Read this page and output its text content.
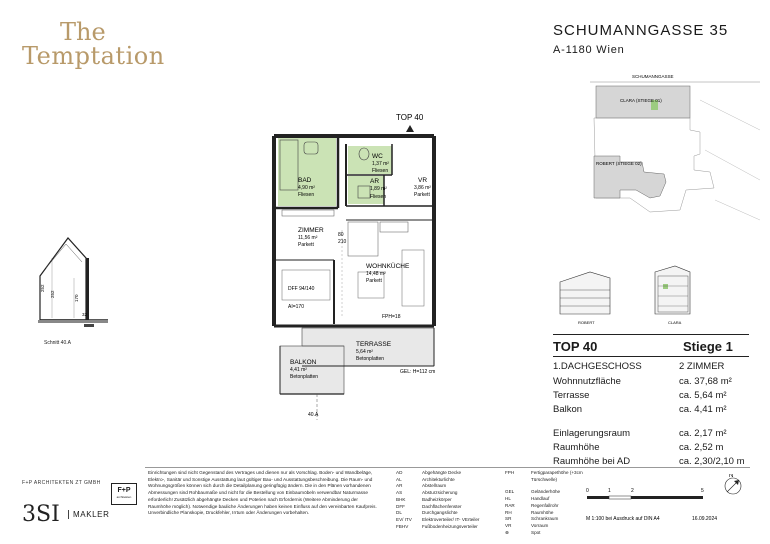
The
Temptation
SCHUMANNGASSE 35
A-1180 Wien
SCHUMANNGASSE
CLARA (STIEGE 01)
ROBERT (STIEGE 02)
ROBERT	CLARA
252
252
170
32
Schnitt 40.A
TOP 40
BAD
4,90 m²
Fliesen
WC
1,37 m²
Fliesen
AR
1,89 m²
Fliesen
VR
3,86 m²
Parkett
ZIMMER
11,56 m²
Parkett
80
210
WOHNKÜCHE
14,48 m²
Parkett
DFF 94/140
AI=170
FPH=18
TERRASSE
5,64 m²
Betonplatten
BALKON
4,41 m²
Betonplatten
GEL: H=112 cm
40.A
TOP 40	Stiege 1
1.DACHGESCHOSS	2 ZIMMER
Wohnnutzfläche	ca. 37,68 m²
Terrasse	ca. 5,64 m²
Balkon	ca. 4,41 m²
Einlagerungsraum	ca. 2,17 m²
Raumhöhe	ca. 2,52 m
Raumhöhe bei AD	ca. 2,30/2,10 m
Einrichtungen sind nicht Gegenstand des Vertrages und dienen nur als Vorschlag. Boden- und Wandbeläge, Elektro-, Sanitär und Sonstige Ausstattung laut gültiger Bau- und Ausstattungsbeschreibung. Die Raum- und Wohnungsgrößen können sich durch die Detailplanung geringfügig ändern. Die in den Plänen vorhandenen Abmessungen sind Rohbaumaße und nicht für die Bestellung von Einbaumöbeln verwendbar Naturmasse erforderlich! Zusätzlich abgehängte Decken und Poterien nach Erfordernis (Weitere Abminderung der Raumhöhe möglich). Notwendige bauliche Änderungen haben keinen Einfluss auf den vereinbarten Kaufpreis. Unverbindliche Planskopie, Druckfehler, Irrtum oder Änderungen vorbehalten.
AD	Abgehängte Decke
AL	Architekturlichte
AR	Abstellraum
AS	Absturzsicherung
BHK	Badheizkörper
DFF	Dachflächenfenster
DL	Durchgangslichte
EV/ ITV	Elektroverteiler/ IT- VErteiler
FBHV	Fußbodenheizungsverteiler
FPH	Fertigparapethöhe (+3cm Türschwelle)
GEL	Geländerhöhe
HL	Handlauf
RAR	Regenfallrohr
RH	Raumhöhe
SR	Schrankraum
VR	Vorraum
⊗	Spot
0	1	2	5
N
M 1:100 bei Ausdruck auf DIN A4	16.09.2024
F+P ARCHITEKTEN ZT GMBH
F+P
architekten
3SI	MAKLER
